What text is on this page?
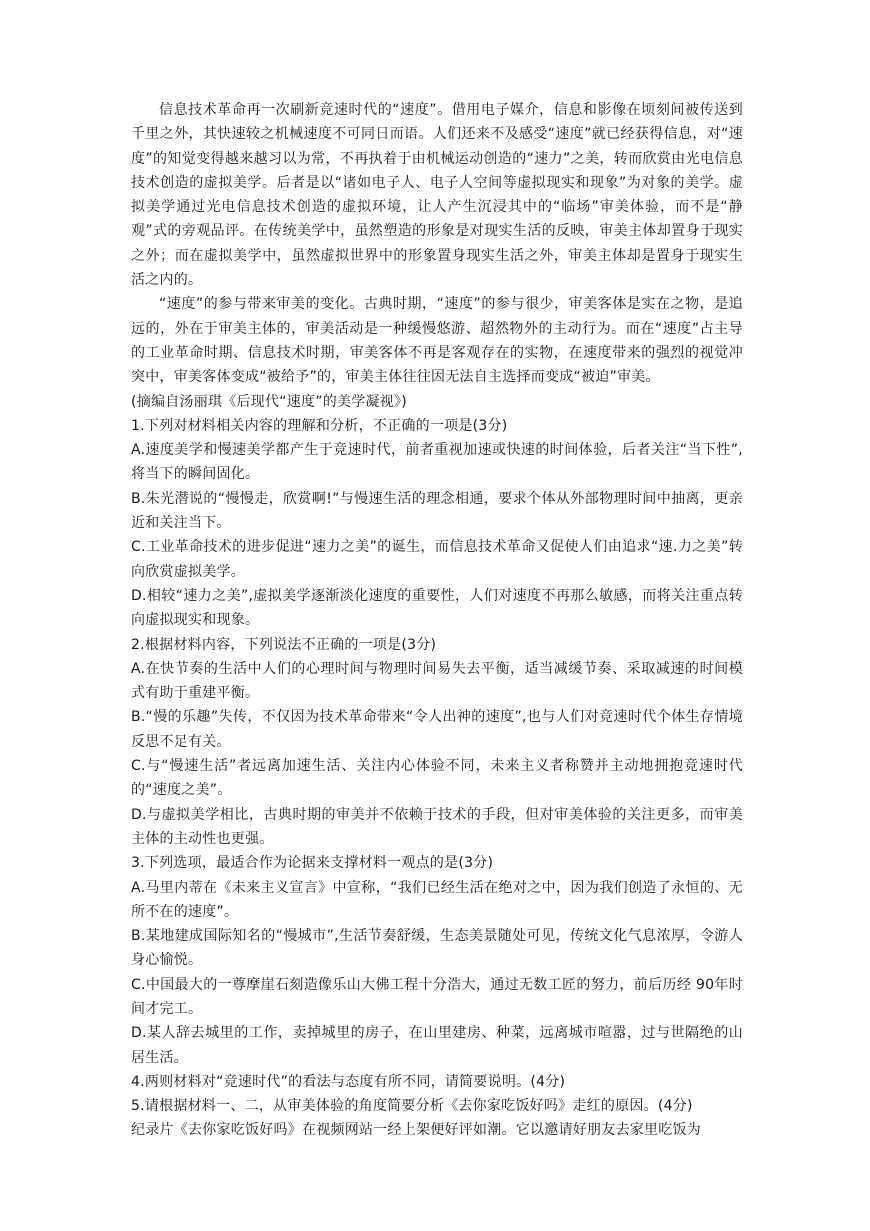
信息技术革命再一次刷新竞速时代的“速度”。借用电子媒介，信息和影像在顷刻间被传送到千里之外，其快速较之机械速度不可同日而语。人们还来不及感受“速度”就已经获得信息，对“速度”的知觉变得越来越习以为常，不再执着于由机械运动创造的“速力”之美，转而欣赏由光电信息技术创造的虚拟美学。后者是以“诸如电子人、电子人空间等虚拟现实和现象”为对象的美学。虚拟美学通过光电信息技术创造的虚拟环境，让人产生沉浸其中的“临场”审美体验，而不是“静观”式的旁观品评。在传统美学中，虽然塑造的形象是对现实生活的反映，审美主体却置身于现实之外；而在虚拟美学中，虽然虚拟世界中的形象置身现实生活之外，审美主体却是置身于现实生活之内的。

“速度”的参与带来审美的变化。古典时期，“速度”的参与很少，审美客体是实在之物，是追远的，外在于审美主体的，审美活动是一种缓慢悠游、超然物外的主动行为。而在“速度”占主导的工业革命时期、信息技术时期，审美客体不再是客观存在的实物，在速度带来的强烈的视觉冲突中，审美客体变成“被给予”的，审美主体往往因无法自主选择而变成“被迫”审美。

(摘编自汤丽琪《后现代“速度”的美学凝视》)

1.下列对材料相关内容的理解和分析，不正确的一项是(3分)

A.速度美学和慢速美学都产生于竞速时代，前者重视加速或快速的时间体验，后者关注“当下性”,将当下的瞬间固化。

B.朱光潜说的“慢慢走，欣赏啊!”与慢速生活的理念相通，要求个体从外部物理时间中抽离，更亲近和关注当下。

C.工业革命技术的进步促进“速力之美”的诞生，而信息技术革命又促使人们由追求“速.力之美”转向欣赏虚拟美学。

D.相较“速力之美”,虚拟美学逐渐淡化速度的重要性，人们对速度不再那么敏感，而将关注重点转向虚拟现实和现象。

2.根据材料内容，下列说法不正确的一项是(3分)

A.在快节奏的生活中人们的心理时间与物理时间易失去平衡，适当减缓节奏、采取减速的时间模式有助于重建平衡。

B.“慢的乐趣”失传，不仅因为技术革命带来“令人出神的速度”,也与人们对竞速时代个体生存情境反思不足有关。

C.与“慢速生活”者远离加速生活、关注内心体验不同，未来主义者称赞并主动地拥抱竞速时代的“速度之美”。

D.与虚拟美学相比，古典时期的审美并不依赖于技术的手段，但对审美体验的关注更多，而审美主体的主动性也更强。

3.下列选项，最适合作为论据来支撑材料一观点的是(3分)

A.马里内蒂在《未来主义宣言》中宣称，“我们已经生活在绝对之中，因为我们创造了永恒的、无所不在的速度”。

B.某地建成国际知名的“慢城市”,生活节奏舒缓，生态美景随处可见，传统文化气息浓厚，令游人身心愉悦。

C.中国最大的一尊摩崖石刻造像乐山大佛工程十分浩大，通过无数工匠的努力，前后历经 90年时间才完工。

D.某人辞去城里的工作，卖掉城里的房子，在山里建房、种菜，远离城市喧嚣，过与世隔绝的山居生活。

4.两则材料对“竞速时代”的看法与态度有所不同，请简要说明。(4分)

5.请根据材料一、二，从审美体验的角度简要分析《去你家吃饭好吗》走红的原因。(4分)

纪录片《去你家吃饭好吗》在视频网站一经上架便好评如潮。它以邀请好朋友去家里吃饭为
